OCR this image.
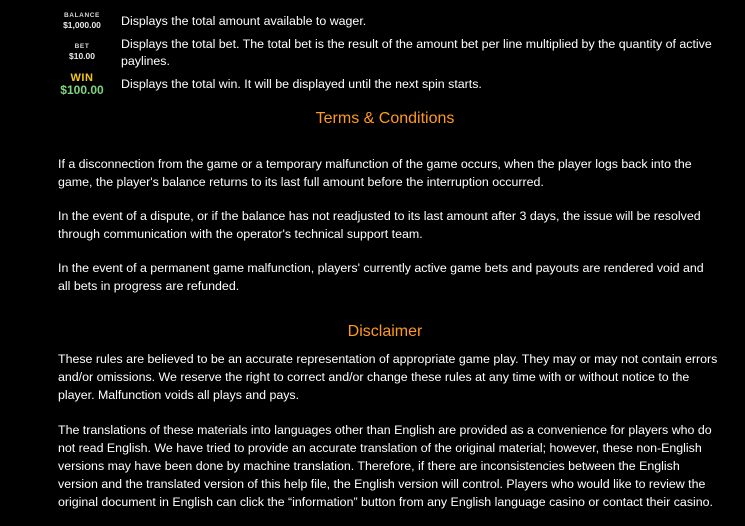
BALANCE
$1,000.00	Displays the total amount available to wager.
BET
$10.00
Displays the total bet. The total bet is the result of the amount bet per line multiplied by the quantity of active paylines.
WIN
$100.00	Displays the total win. It will be displayed until the next spin starts.
Terms & Conditions
If a disconnection from the game or a temporary malfunction of the game occurs, when the player logs back into the game, the player's balance returns to its last full amount before the interruption occurred.
In the event of a dispute, or if the balance has not readjusted to its last amount after 3 days, the issue will be resolved through communication with the operator's technical support team.
In the event of a permanent game malfunction, players' currently active game bets and payouts are rendered void and all bets in progress are refunded.
Disclaimer
These rules are believed to be an accurate representation of appropriate game play. They may or may not contain errors and/or omissions. We reserve the right to correct and/or change these rules at any time with or without notice to the player. Malfunction voids all plays and pays.
The translations of these materials into languages other than English are provided as a convenience for players who do not read English. We have tried to provide an accurate translation of the original material; however, these non-English versions may have been done by machine translation. Therefore, if there are inconsistencies between the English version and the translated version of this help file, the English version will control. Players who would like to review the original document in English can click the “information” button from any English language casino or contact their casino.
